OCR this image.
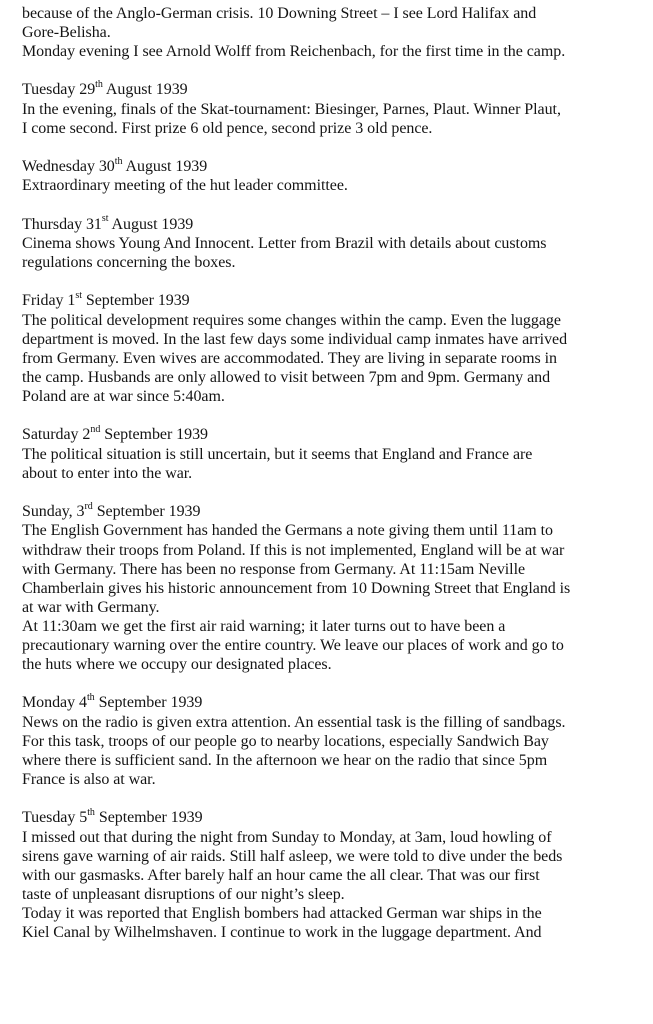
because of the Anglo-German crisis. 10 Downing Street – I see Lord Halifax and
Gore-Belisha.
Monday evening I see Arnold Wolff from Reichenbach, for the first time in the camp.
Tuesday 29th August 1939
In the evening, finals of the Skat-tournament: Biesinger, Parnes, Plaut. Winner Plaut,
I come second. First prize 6 old pence, second prize 3 old pence.
Wednesday 30th August 1939
Extraordinary meeting of the hut leader committee.
Thursday 31st August 1939
Cinema shows Young And Innocent. Letter from Brazil with details about customs
regulations concerning the boxes.
Friday 1st September 1939
The political development requires some changes within the camp. Even the luggage
department is moved. In the last few days some individual camp inmates have arrived
from Germany. Even wives are accommodated. They are living in separate rooms in
the camp. Husbands are only allowed to visit between 7pm and 9pm. Germany and
Poland are at war since 5:40am.
Saturday 2nd September 1939
The political situation is still uncertain, but it seems that England and France are
about to enter into the war.
Sunday, 3rd September 1939
The English Government has handed the Germans a note giving them until 11am to
withdraw their troops from Poland. If this is not implemented, England will be at war
with Germany. There has been no response from Germany. At 11:15am Neville
Chamberlain gives his historic announcement from 10 Downing Street that England is
at war with Germany.
At 11:30am we get the first air raid warning; it later turns out to have been a
precautionary warning over the entire country. We leave our places of work and go to
the huts where we occupy our designated places.
Monday 4th September 1939
News on the radio is given extra attention. An essential task is the filling of sandbags.
For this task, troops of our people go to nearby locations, especially Sandwich Bay
where there is sufficient sand. In the afternoon we hear on the radio that since 5pm
France is also at war.
Tuesday 5th September 1939
I missed out that during the night from Sunday to Monday, at 3am, loud howling of
sirens gave warning of air raids. Still half asleep, we were told to dive under the beds
with our gasmasks. After barely half an hour came the all clear. That was our first
taste of unpleasant disruptions of our night’s sleep.
Today it was reported that English bombers had attacked German war ships in the
Kiel Canal by Wilhelmshaven. I continue to work in the luggage department. And
